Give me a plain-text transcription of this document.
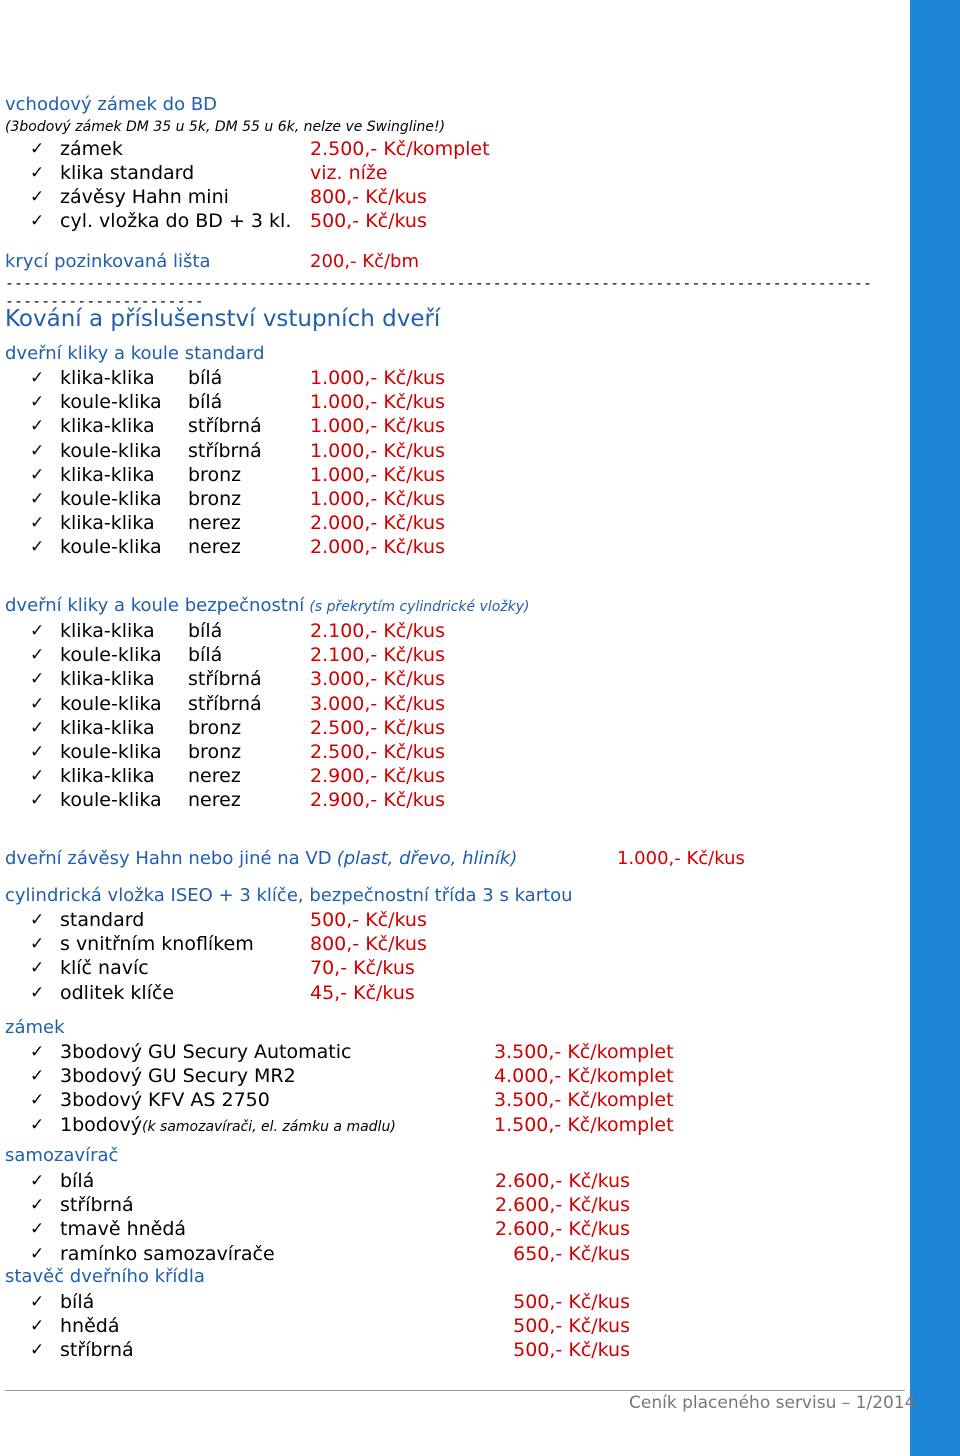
vchodový zámek do BD
(3bodový zámek DM 35 u 5k, DM 55 u 6k, nelze ve Swingline!)
✓ zámek	2.500,- Kč/komplet
✓ klika standard	viz. níže
✓ závěsy Hahn mini	800,- Kč/kus
✓ cyl. vložka do BD + 3 kl. 500,- Kč/kus
krycí pozinkovaná lišta	200,- Kč/bm
----------------------------------------------------------------------------------------------------------------------
Kování a příslušenství vstupních dveří
dveřní kliky a koule standard
✓ klika-klika bílá	1.000,- Kč/kus
✓ koule-klika bílá	1.000,- Kč/kus
✓ klika-klika stříbrná	1.000,- Kč/kus
✓ koule-klika stříbrná	1.000,- Kč/kus
✓ klika-klika bronz	1.000,- Kč/kus
✓ koule-klika bronz	1.000,- Kč/kus
✓ klika-klika nerez	2.000,- Kč/kus
✓ koule-klika nerez	2.000,- Kč/kus
dveřní kliky a koule bezpečnostní (s překrytím cylindrické vložky)
✓ klika-klika bílá	2.100,- Kč/kus
✓ koule-klika bílá	2.100,- Kč/kus
✓ klika-klika stříbrná	3.000,- Kč/kus
✓ koule-klika stříbrná	3.000,- Kč/kus
✓ klika-klika bronz	2.500,- Kč/kus
✓ koule-klika bronz	2.500,- Kč/kus
✓ klika-klika nerez	2.900,- Kč/kus
✓ koule-klika nerez	2.900,- Kč/kus
dveřní závěsy Hahn nebo jiné na VD (plast, dřevo, hliník)	1.000,- Kč/kus
cylindrická vložka ISEO + 3 klíče, bezpečnostní třída 3 s kartou
✓ standard	500,- Kč/kus
✓ s vnitřním knoflíkem	800,- Kč/kus
✓ klíč navíc	70,- Kč/kus
✓ odlitek klíče	45,- Kč/kus
zámek
✓ 3bodový GU Secury Automatic	3.500,- Kč/komplet
✓ 3bodový GU Secury MR2	4.000,- Kč/komplet
✓ 3bodový KFV AS 2750	3.500,- Kč/komplet
✓ 1bodový (k samozavírači, el. zámku a madlu)	1.500,- Kč/komplet
samozavírač
✓ bílá	2.600,- Kč/kus
✓ stříbrná	2.600,- Kč/kus
✓ tmavě hnědá	2.600,- Kč/kus
✓ ramínko samozavírače	650,- Kč/kus
stavěč dveřního křídla
✓ bílá	500,- Kč/kus
✓ hnědá	500,- Kč/kus
✓ stříbrná	500,- Kč/kus
Ceník placeného servisu – 1/2014
